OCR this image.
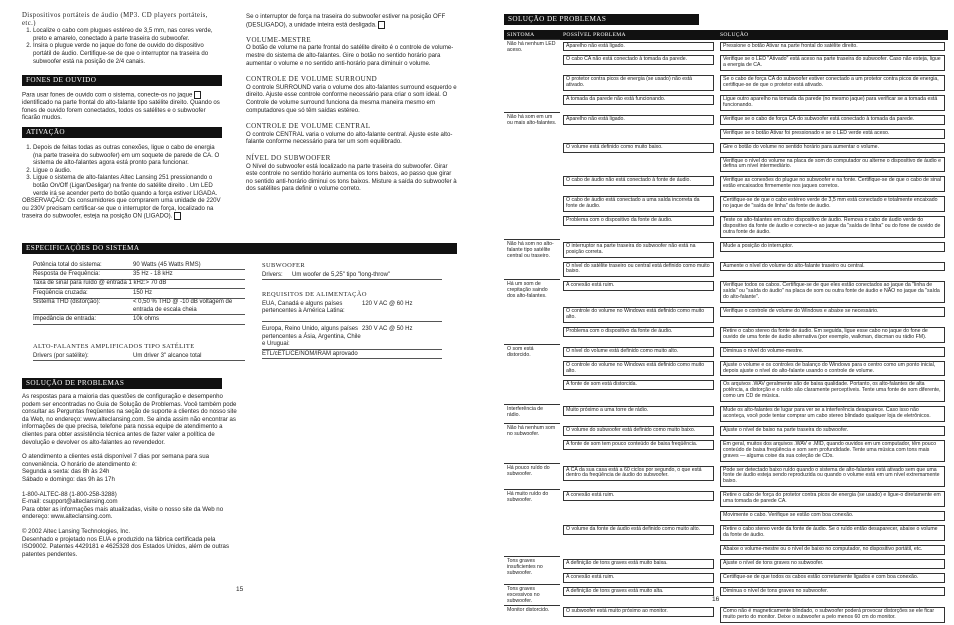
Dispositivos portáteis de áudio (MP3. CD players portáteis, etc.)
1. Localize o cabo com plugues estéreo de 3,5 mm, nas cores verde, preto e amarelo, conectado à parte traseira do subwoofer.
2. Insira o plugue verde no jaque do fone de ouvido do dispositivo portátil de áudio. Certifique-se de que o interruptor na traseira do subwoofer está na posição de 2/4 canais.
FONES DE OUVIDO
Para usar fones de ouvido com o sistema, conecte-os no jaque  identificado na parte frontal do alto-falante tipo satélite direito. Quando os fones de ouvido forem conectados, todos os satélites e o subwoofer ficarão mudos.
ATIVAÇÃO
1. Depois de feitas todas as outras conexões, ligue o cabo de energia (na parte traseira do subwoofer) em um soquete de parede de CA. O sistema de alto-falantes agora está pronto para funcionar.
2. Ligue o áudio.
3. Ligue o sistema de alto-falantes Altec Lansing 251 pressionando o botão On/Off (Ligar/Desligar) na frente do satélite direito . Um LED verde irá se acender perto do botão quando a força estiver LIGADA.

OBSERVAÇÃO: Os consumidores que comprarem uma unidade de 220V ou 230V precisam certificar-se que o interruptor de força, localizado na traseira do subwoofer, esteja na posição ON (LIGADO).

Se o interruptor de força na traseira do subwoofer estiver na posição OFF (DESLIGADO), a unidade inteira está desligada.

VOLUME-MESTRE

O botão de volume na parte frontal do satélite direito é o controle de volume-mestre do sistema de alto-falantes. Gire o botão no sentido horário para aumentar o volume e no sentido anti-horário para diminuir o volume.

CONTROLE DE VOLUME SURROUND

O controle SURROUND varia o volume dos alto-falantes surround esquerdo e direito. Ajuste esse controle conforme necessário para criar o som ideal. O Controle de volume surround funciona da mesma maneira mesmo em computadores que só têm saídas estéreo.

CONTROLE DE VOLUME CENTRAL

O controle CENTRAL varia o volume do alto-falante central. Ajuste este alto-falante conforme necessário para ter um som equilibrado.

NÍVEL DO SUBWOOFER

O Nível do subwoofer está localizado na parte traseira do subwoofer. Girar este controle no sentido horário aumenta os tons baixos, ao passo que girar no sentido anti-horário diminui os tons baixos. Misture a saída do subwoofer à dos satélites para definir o volume correto.

ESPECIFICAÇÕES DO SISTEMA
Potência total do sistema:	90 Watts (45 Watts RMS)
Resposta de Frequência:	35 Hz - 18 kHz
Taxa de sinal para ruído @ entrada 1 kHz:> 70 dB	
Freqüência cruzada:	150 Hz
Sistema THD (distorção):	< 0,50 % THD @ -10 dB voltagem de entrada de escala cheia
Impedância de entrada:	10k ohms
ALTO-FALANTES AMPLIFICADOS TIPO SATÉLITE
Drivers (por satélite):	Um driver 3" alcance total
SUBWOOFER
Drivers:	Um woofer de 5,25" tipo "long-throw"
REQUISITOS DE ALIMENTAÇÃO
EUA, Canadá e alguns países pertencentes à América Latina:	120 V AC @ 60 Hz
Europa, Reino Unido, alguns países pertencentes a Ásia, Argentina, Chile e Uruguai:	230 V AC @ 50 Hz
ETL/cETL/CE/NOM/IRAM aprovado	
SOLUÇÃO DE PROBLEMAS

As respostas para a maioria das questões de configuração e desempenho podem ser encontradas no Guia de Solução de Problemas. Você também pode consultar as Perguntas freqüentes na seção de suporte a clientes do nosso site da Web, no endereço: www.alteclansing.com. Se ainda assim não encontrar as informações de que precisa, telefone para nossa equipe de atendimento a clientes para obter assistência técnica antes de fazer valer a política de devolução e devolver os alto-falantes ao revendedor.

O atendimento a clientes está disponível 7 dias por semana para sua conveniência. O horário de atendimento é:

Segunda a sexta: das 8h às 24h

Sábado e domingo: das 9h às 17h

1-800-ALTEC-88 (1-800-258-3288)

E-mail: csupport@alteclansing.com

Para obter as informações mais atualizadas, visite o nosso site da Web no endereço: www.alteclansing.com.

© 2002 Altec Lansing Technologies, Inc.

Desenhado e projetado nos EUA e produzido na fábrica certificada pela ISO9002. Patentes 4429181 e 4625328 dos Estados Unidos, além de outras patentes pendentes.

15
SOLUÇÃO DE PROBLEMAS
SINTOMA	POSSÍVEL PROBLEMA	SOLUÇÃO
Não há nenhum LED aceso.	Aparelho não está ligado.	Pressione o botão Ativar na parte frontal do satélite direito.

	O cabo CA não está conectado à tomada da parede.	Verifique se o LED "Ativado" está aceso na parte traseira do subwoofer. Caso não esteja, ligue a energia de CA.

	O protetor contra picos de energia (se usado) não está ativado.	Se o cabo de força CA do subwoofer estiver conectado a um protetor contra picos de energia, certifique-se de que o protetor está ativado.

	A tomada da parede não está funcionando.	Ligue outro aparelho na tomada da parede (no mesmo jaque) para verificar se a tomada está funcionando.

Não há som em um ou mais alto-falantes.	Aparelho não está ligado.	Verifique se o cabo de força CA do subwoofer está conectado à tomada da parede.

		Verifique se o botão Ativar foi pressionado e se o LED verde está aceso.

	O volume está definido como muito baixo.	Gire o botão do volume no sentido horário para aumentar o volume.

		Verifique o nível do volume na placa de som do computador ou alterne o dispositivo de áudio e defina um nível intermediário.

	O cabo de áudio não está conectado à fonte de áudio.	Verifique as conexões do plugue no subwoofer e na fonte. Certifique-se de que o cabo de sinal estão encaixados firmemente nos jaques corretos.

	O cabo de áudio está conectado a uma saída incorreta da fonte de áudio.	Certifique-se de que o cabo estéreo verde de 3,5 mm está conectado e totalmente encaixado no jaque de "saída de linha" da fonte de áudio.

	Problema com o dispositivo da fonte de áudio.	Teste os alto-falantes em outro dispositivo de áudio. Remova o cabo de áudio verde do dispositivo da fonte de áudio e conecte-o ao jaque da "saída de linha" ou do fone de ouvido de outra fonte de áudio.

Não há som no alto-falante tipo satélite central ou traseiro.	O interruptor na parte traseira do subwoofer não está na posição correta.	Mude a posição do interruptor.

	O nível do satélite traseiro ou central está definido como muito baixo.	Aumente o nível do volume do alto-falante traseiro ou central.

Há um som de crepitação saindo dos alto-falantes.	A conexão está ruim.	Verifique todos os cabos. Certifique-se de que eles estão conectados ao jaque da "linha de saída" ou "saída do áudio" na placa de som ou outra fonte de áudio e NÃO no jaque da "saída do alto-falante".

	O controle do volume no Windows está definido como muito alto.	Verifique o controle de volume do Windows e abaixe se necessário.

	Problema com o dispositivo da fonte de áudio.	Retire o cabo stereo da fonte de áudio. Em seguida, ligue esse cabo no jaque do fone de ouvido de uma fonte de áudio alternativa (por exemplo, walkman, discman ou rádio FM).

O som está distorcido.	O nível do volume está definido como muito alto.	Diminua o nível do volume-mestre.

	O controle do volume no Windows está definido como muito alto.	Ajuste o volume e os controles de balanço do Windows para o centro como um ponto inicial, depois ajuste o nível do alto-falante usando o controle de volume.

	A fonte de som está distorcida.	Os arquivos .WAV geralmente são de baixa qualidade. Portanto, os alto-falantes de alta potência, a distorção e o ruído são claramente perceptíveis. Tente uma fonte de som diferente, como um CD de música.

Interferência de rádio.	Muito próximo a uma torre de rádio.	Mude os alto-falantes de lugar para ver se a interferência desaparece. Caso isso não aconteça, você pode tentar comprar um cabo stereo blindado qualquer loja de eletrônicos.

Não há nenhum som no subwoofer.	O volume do subwoofer está definido como muito baixo.	Ajuste o nível de baixo na parte traseira do subwoofer.

	A fonte de som tem pouco conteúdo de baixa freqüência.	Em geral, muitos dos arquivos .WAV e .MID, quando ouvidos em um computador, têm pouco conteúdo de baixa freqüência e som sem profundidade. Tente uma música com tons mais graves — alguma coise da sua coleção de CDs.

Há pouco ruído do subwoofer.	A CA da sua casa está a 60 ciclos por segundo, o que está dentro da freqüência de áudio do subwoofer.	Pode ser detectado baixo ruído quando o sistema de alto-falantes está ativado sem que uma fonte de áudio esteja sendo reproduzida ou quando o volume está em um nível extremamente baixo.

Há muito ruído do subwoofer.	A conexão está ruim.	Retire o cabo de força do protetor contra picos de energia (se usado) e ligue-o diretamente em uma tomada de parede CA.

		Movimente o cabo. Verifique se estão com boa conexão.

	O volume da fonte de áudio está definido como muito alto.	Retire o cabo stereo verde da fonte de áudio. Se o ruído então desaparecer, abaixe o volume da fonte de áudio.

		Abaixe o volume-mestre ou o nível de baixo no computador, no dispositivo portátil, etc.

Tons graves insuficientes no subwoofer.	A definição de tons graves está muito baixa.	Ajuste o nível de tons graves no subwoofer.

	A conexão está ruim.	Certifique-se de que todos os cabos estão corretamente ligados e com boa conexão.

Tons graves excessivos no subwoofer.	A definição de tons graves está muito alta.	Diminua o nível de tons graves no subwoofer.

Monitor distorcido.	O subwoofer está muito próximo ao monitor.	Como não é magneticamente blindado, o subwoofer poderá provocar distorções se ele ficar muito perto do monitor. Deixe o subwoofer a pelo menos 60 cm do monitor.
16
